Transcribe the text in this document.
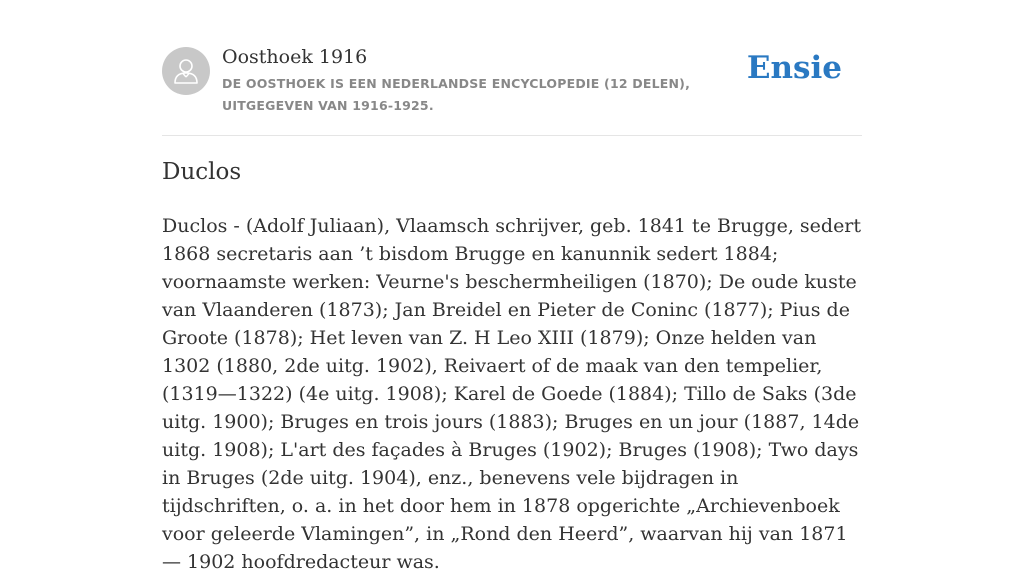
Oosthoek 1916
DE OOSTHOEK IS EEN NEDERLANDSE ENCYCLOPEDIE (12 DELEN), UITGEGEVEN VAN 1916-1925.
Ensie
Duclos

Duclos - (Adolf Juliaan), Vlaamsch schrijver, geb. 1841 te Brugge, sedert 1868 secretaris aan ’t bisdom Brugge en kanunnik sedert 1884; voornaamste werken: Veurne's beschermheiligen (1870); De oude kuste van Vlaanderen (1873); Jan Breidel en Pieter de Coninc (1877); Pius de Groote (1878); Het leven van Z. H Leo XIII (1879); Onze helden van 1302 (1880, 2de uitg. 1902), Reivaert of de maak van den tempelier, (1319—1322) (4e uitg. 1908); Karel de Goede (1884); Tillo de Saks (3de uitg. 1900); Bruges en trois jours (1883); Bruges en un jour (1887, 14de uitg. 1908); L'art des façades à Bruges (1902); Bruges (1908); Two days in Bruges (2de uitg. 1904), enz., benevens vele bijdragen in tijdschriften, o. a. in het door hem in 1878 opgerichte „Archievenboek voor geleerde Vlamingen”, in „Rond den Heerd”, waarvan hij van 1871 — 1902 hoofdredacteur was.
